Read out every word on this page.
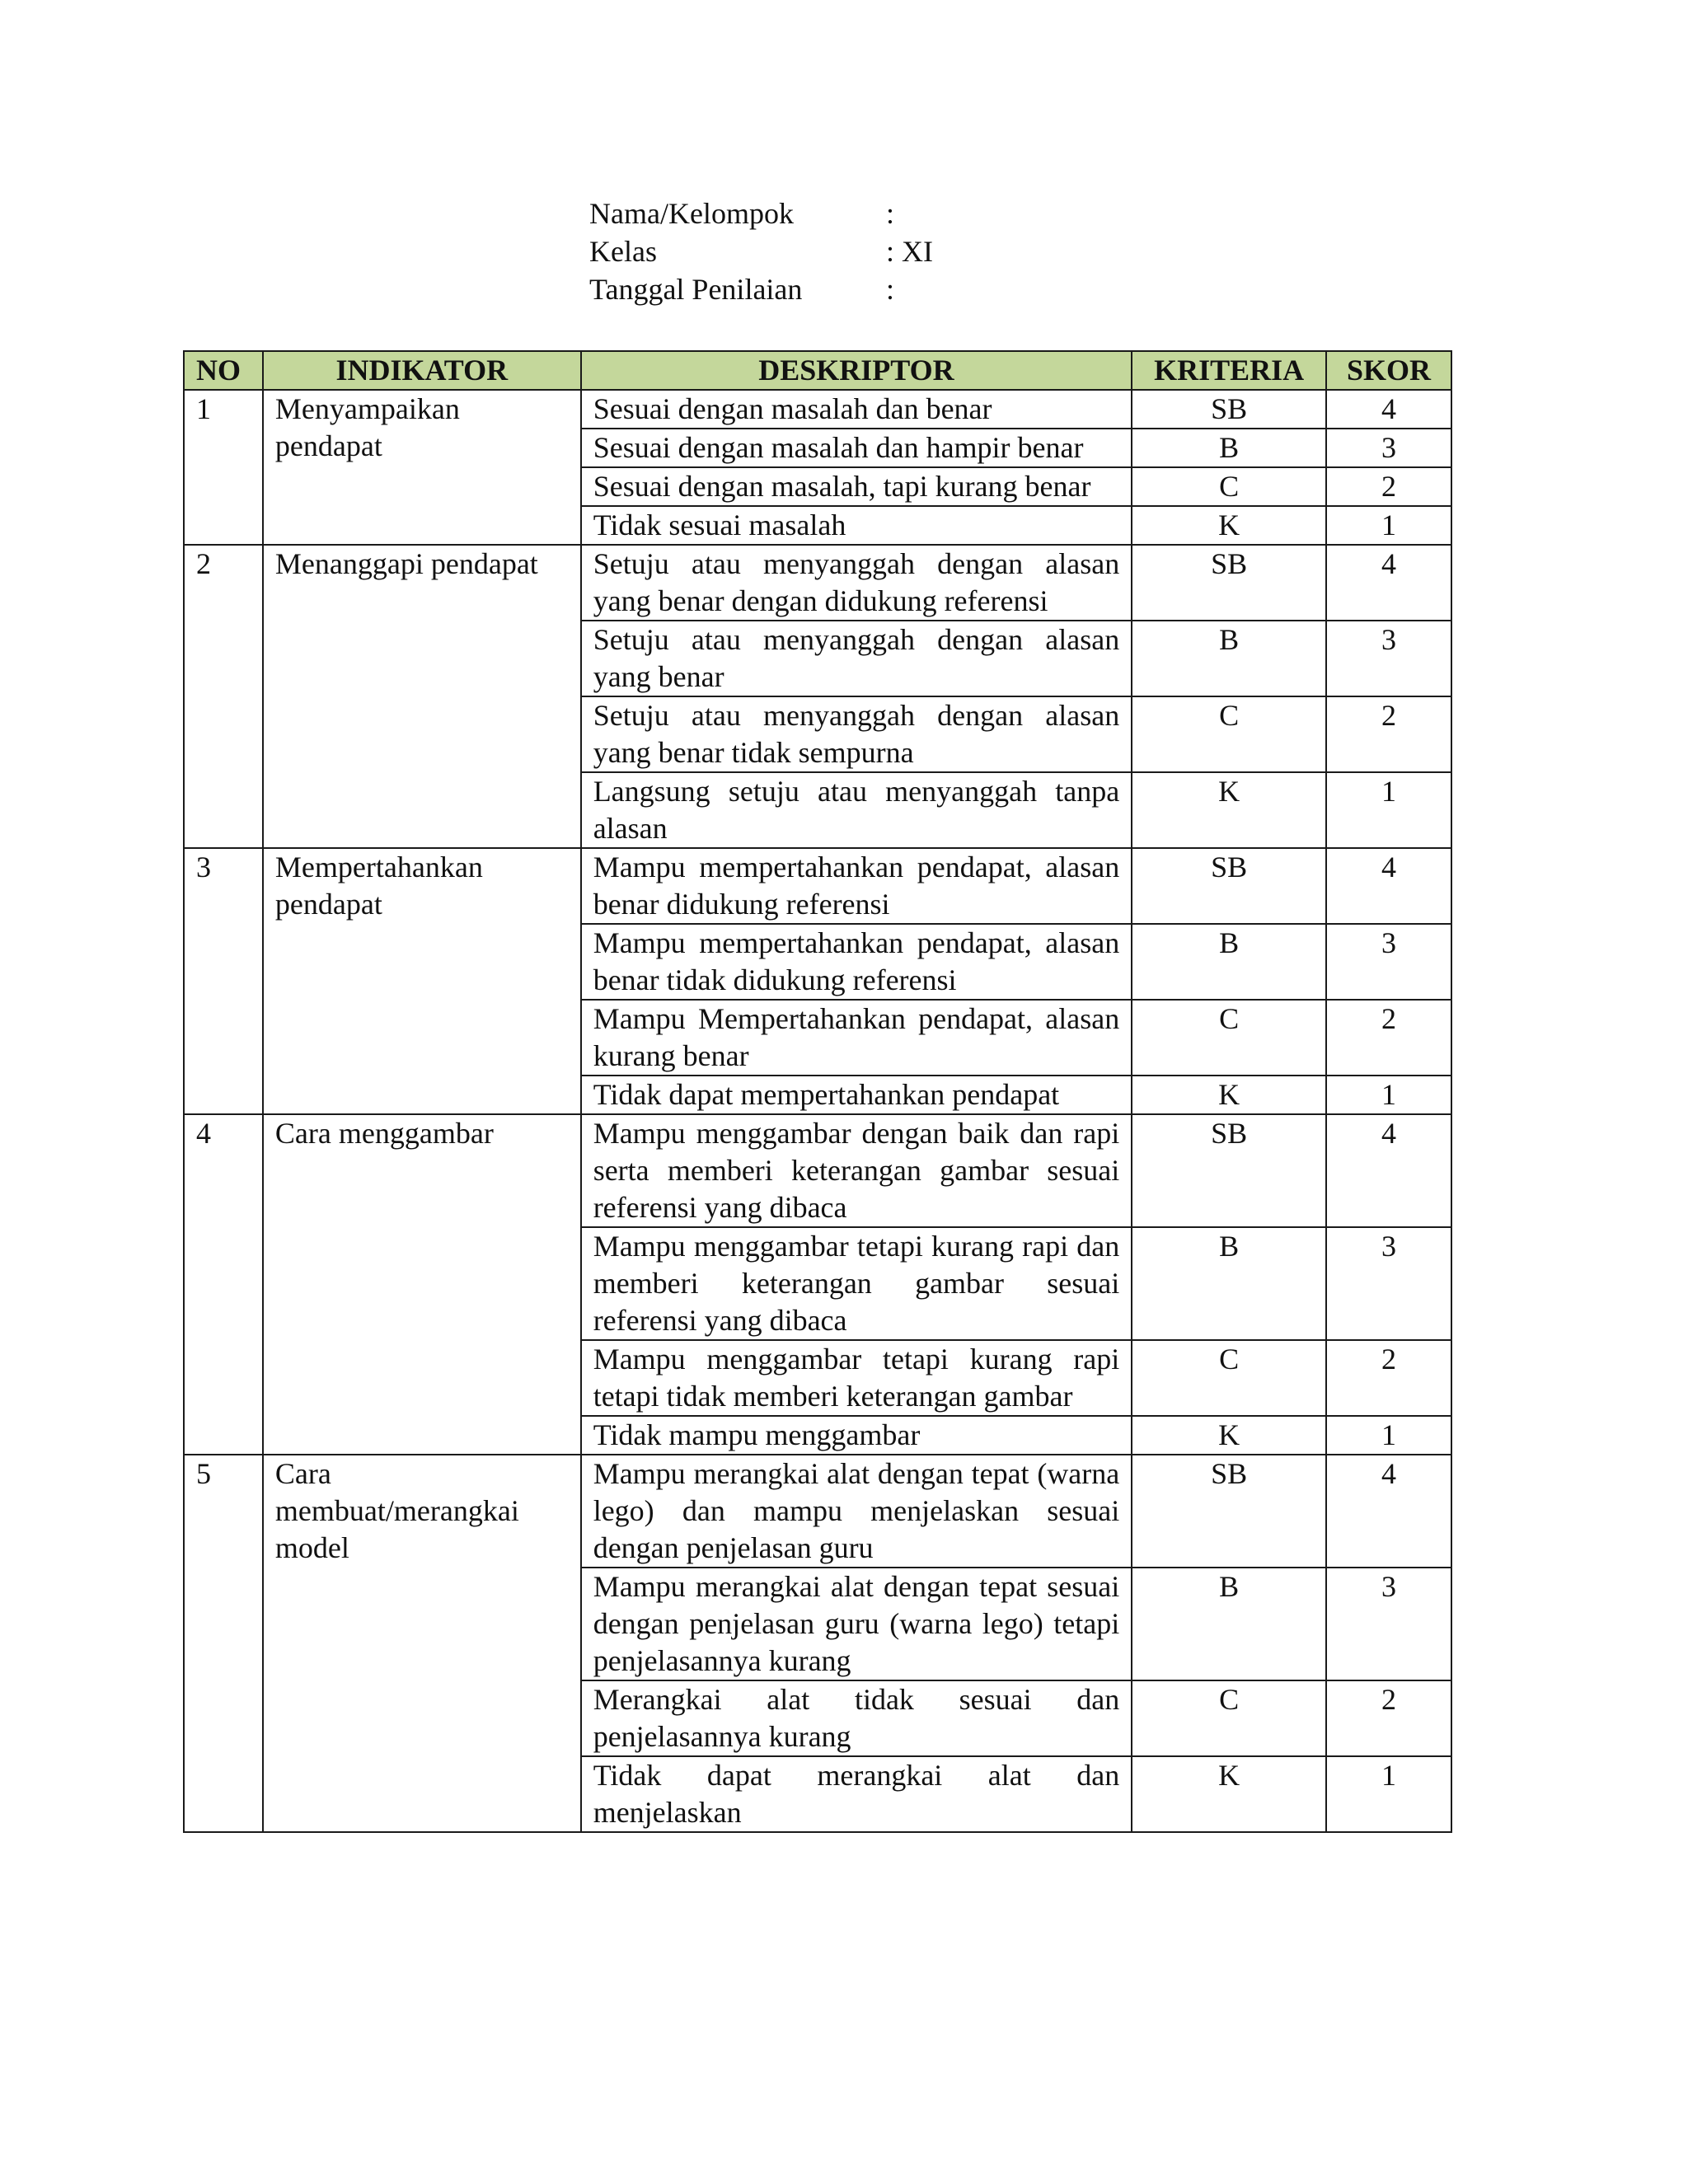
Nama/Kelompok	:
Kelas	: XI
Tanggal Penilaian	:
NO	INDIKATOR	DESKRIPTOR	KRITERIA	SKOR
1	Menyampaikan pendapat	Sesuai dengan masalah dan benar	SB	4
		Sesuai dengan masalah dan hampir benar	B	3
		Sesuai dengan masalah, tapi kurang benar	C	2
		Tidak sesuai masalah	K	1
2	Menanggapi pendapat	Setuju atau menyanggah dengan alasan yang benar dengan didukung referensi	SB	4
		Setuju atau menyanggah dengan alasan yang benar	B	3
		Setuju atau menyanggah dengan alasan yang benar tidak sempurna	C	2
		Langsung setuju atau menyanggah tanpa alasan	K	1
3	Mempertahankan pendapat	Mampu mempertahankan pendapat, alasan benar didukung referensi	SB	4
		Mampu mempertahankan pendapat, alasan benar tidak didukung referensi	B	3
		Mampu Mempertahankan pendapat, alasan kurang benar	C	2
		Tidak dapat mempertahankan pendapat	K	1
4	Cara menggambar	Mampu menggambar dengan baik dan rapi serta memberi keterangan gambar sesuai referensi yang dibaca	SB	4
		Mampu menggambar tetapi kurang rapi dan memberi keterangan gambar sesuai referensi yang dibaca	B	3
		Mampu menggambar tetapi kurang rapi tetapi tidak memberi keterangan gambar	C	2
		Tidak mampu menggambar	K	1
5	Cara membuat/merangkai model	Mampu merangkai alat dengan tepat (warna lego) dan mampu menjelaskan sesuai dengan penjelasan guru	SB	4
		Mampu merangkai alat dengan tepat sesuai dengan penjelasan guru (warna lego) tetapi penjelasannya kurang	B	3
		Merangkai alat tidak sesuai dan penjelasannya kurang	C	2
		Tidak dapat merangkai alat dan menjelaskan	K	1
